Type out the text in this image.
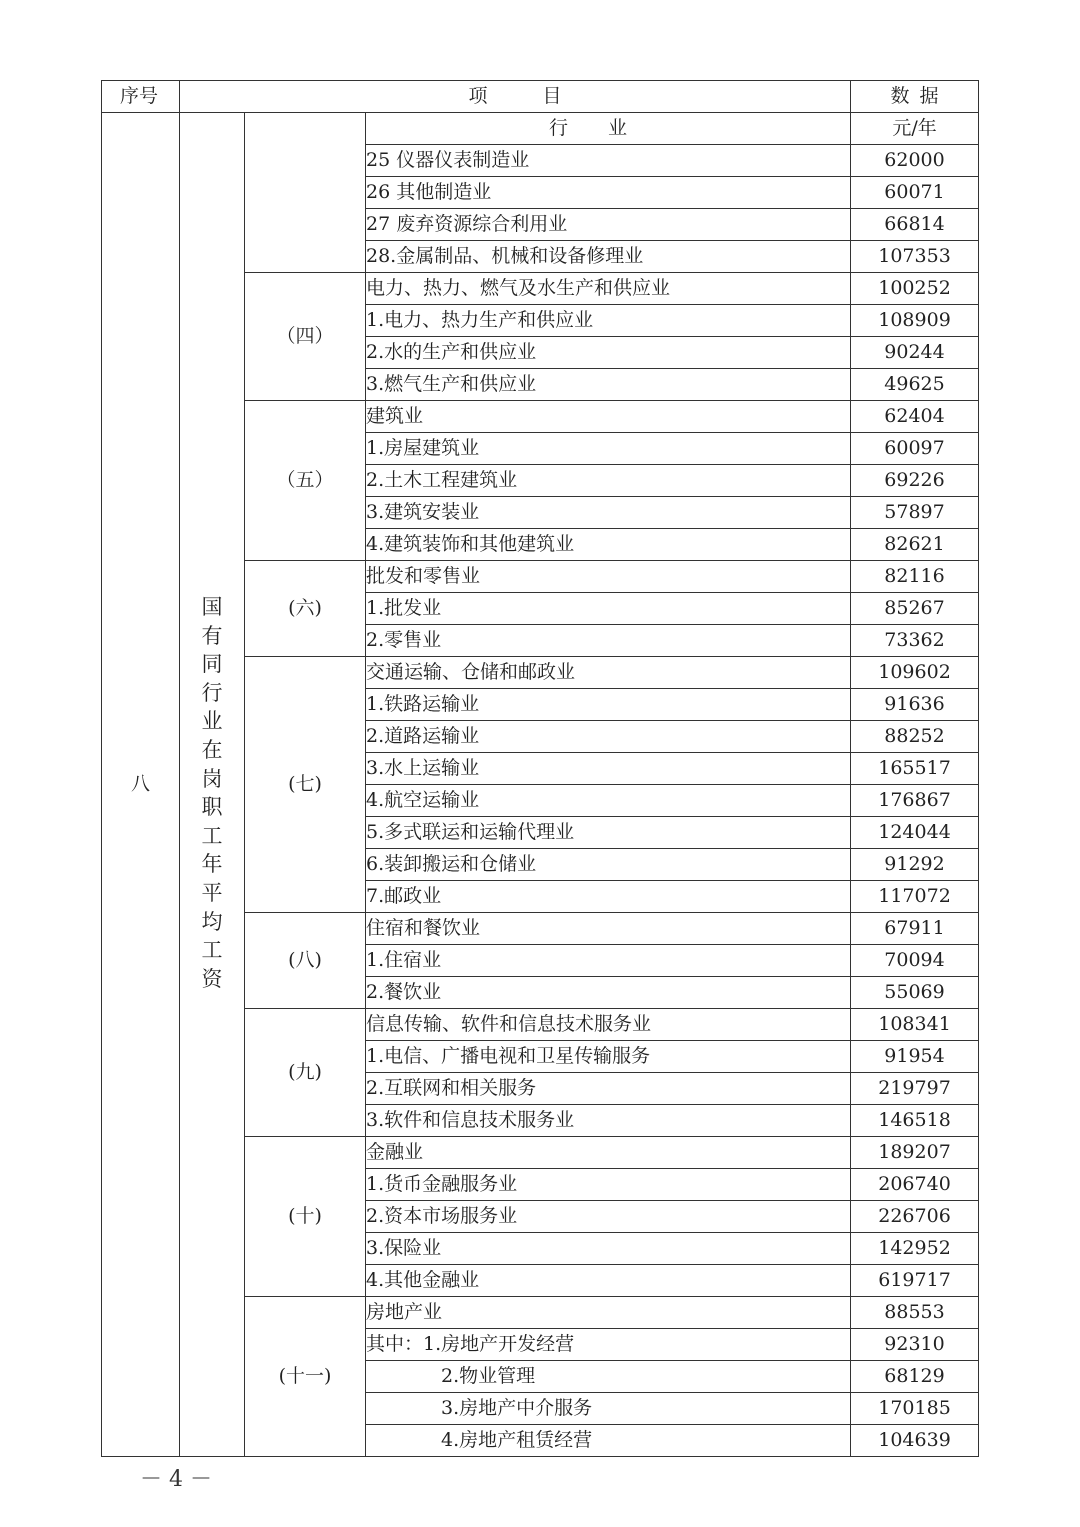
序号	项目			数据
八	国有同行业在岗职工年平均工资		行业	元/年
			25 仪器仪表制造业	62000
			26 其他制造业	60071
			27 废弃资源综合利用业	66814
			28.金属制品、机械和设备修理业	107353
		（四）	电力、热力、燃气及水生产和供应业	100252
			1.电力、热力生产和供应业	108909
			2.水的生产和供应业	90244
			3.燃气生产和供应业	49625
		（五）	建筑业	62404
			1.房屋建筑业	60097
			2.土木工程建筑业	69226
			3.建筑安装业	57897
			4.建筑装饰和其他建筑业	82621
		(六)	批发和零售业	82116
			1.批发业	85267
			2.零售业	73362
		(七)	交通运输、仓储和邮政业	109602
			1.铁路运输业	91636
			2.道路运输业	88252
			3.水上运输业	165517
			4.航空运输业	176867
			5.多式联运和运输代理业	124044
			6.装卸搬运和仓储业	91292
			7.邮政业	117072
		(八)	住宿和餐饮业	67911
			1.住宿业	70094
			2.餐饮业	55069
		(九)	信息传输、软件和信息技术服务业	108341
			1.电信、广播电视和卫星传输服务	91954
			2.互联网和相关服务	219797
			3.软件和信息技术服务业	146518
		(十)	金融业	189207
			1.货币金融服务业	206740
			2.资本市场服务业	226706
			3.保险业	142952
			4.其他金融业	619717
		(十一)	房地产业	88553
			其中：1.房地产开发经营	92310
			2.物业管理	68129
			3.房地产中介服务	170185
			4.房地产租赁经营	104639
－ 4 －
